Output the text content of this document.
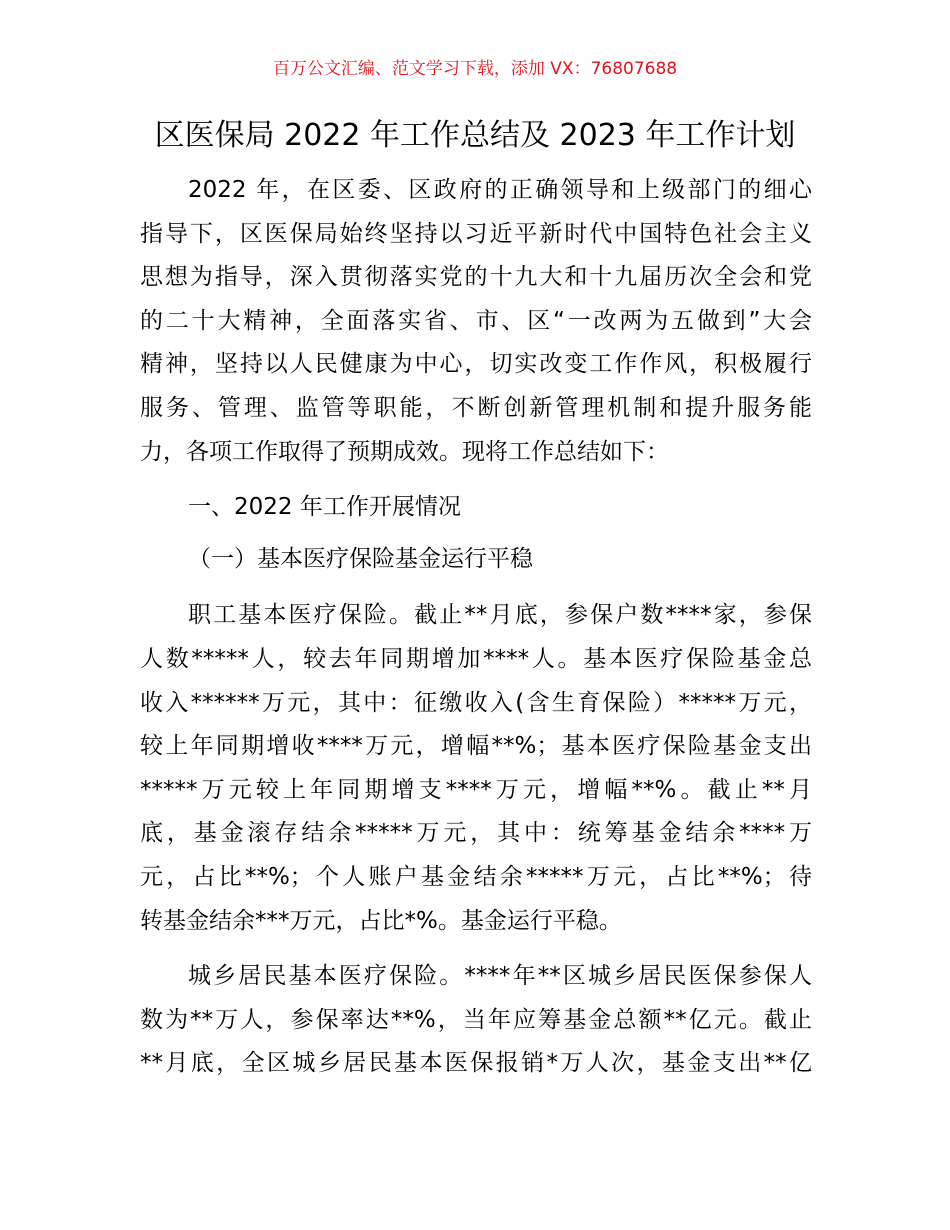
百万公文汇编、范文学习下载，添加 VX：76807688
区医保局 2022 年工作总结及 2023 年工作计划
2022 年，在区委、区政府的正确领导和上级部门的细心
指导下，区医保局始终坚持以习近平新时代中国特色社会主义
思想为指导，深入贯彻落实党的十九大和十九届历次全会和党
的二十大精神，全面落实省、市、区“一改两为五做到”大会
精神，坚持以人民健康为中心，切实改变工作作风，积极履行
服务、管理、监管等职能，不断创新管理机制和提升服务能
力，各项工作取得了预期成效。现将工作总结如下：
一、2022 年工作开展情况
（一）基本医疗保险基金运行平稳
职工基本医疗保险。截止**月底，参保户数****家，参保
人数*****人，较去年同期增加****人。基本医疗保险基金总
收入******万元，其中：征缴收入(含生育保险）*****万元，
较上年同期增收****万元，增幅**%；基本医疗保险基金支出
*****万元较上年同期增支****万元，增幅**%。截止**月
底，基金滚存结余*****万元，其中：统筹基金结余****万
元，占比**%；个人账户基金结余*****万元，占比**%；待
转基金结余***万元，占比*%。基金运行平稳。
城乡居民基本医疗保险。****年**区城乡居民医保参保人
数为**万人，参保率达**%，当年应筹基金总额**亿元。截止
**月底，全区城乡居民基本医保报销*万人次，基金支出**亿
